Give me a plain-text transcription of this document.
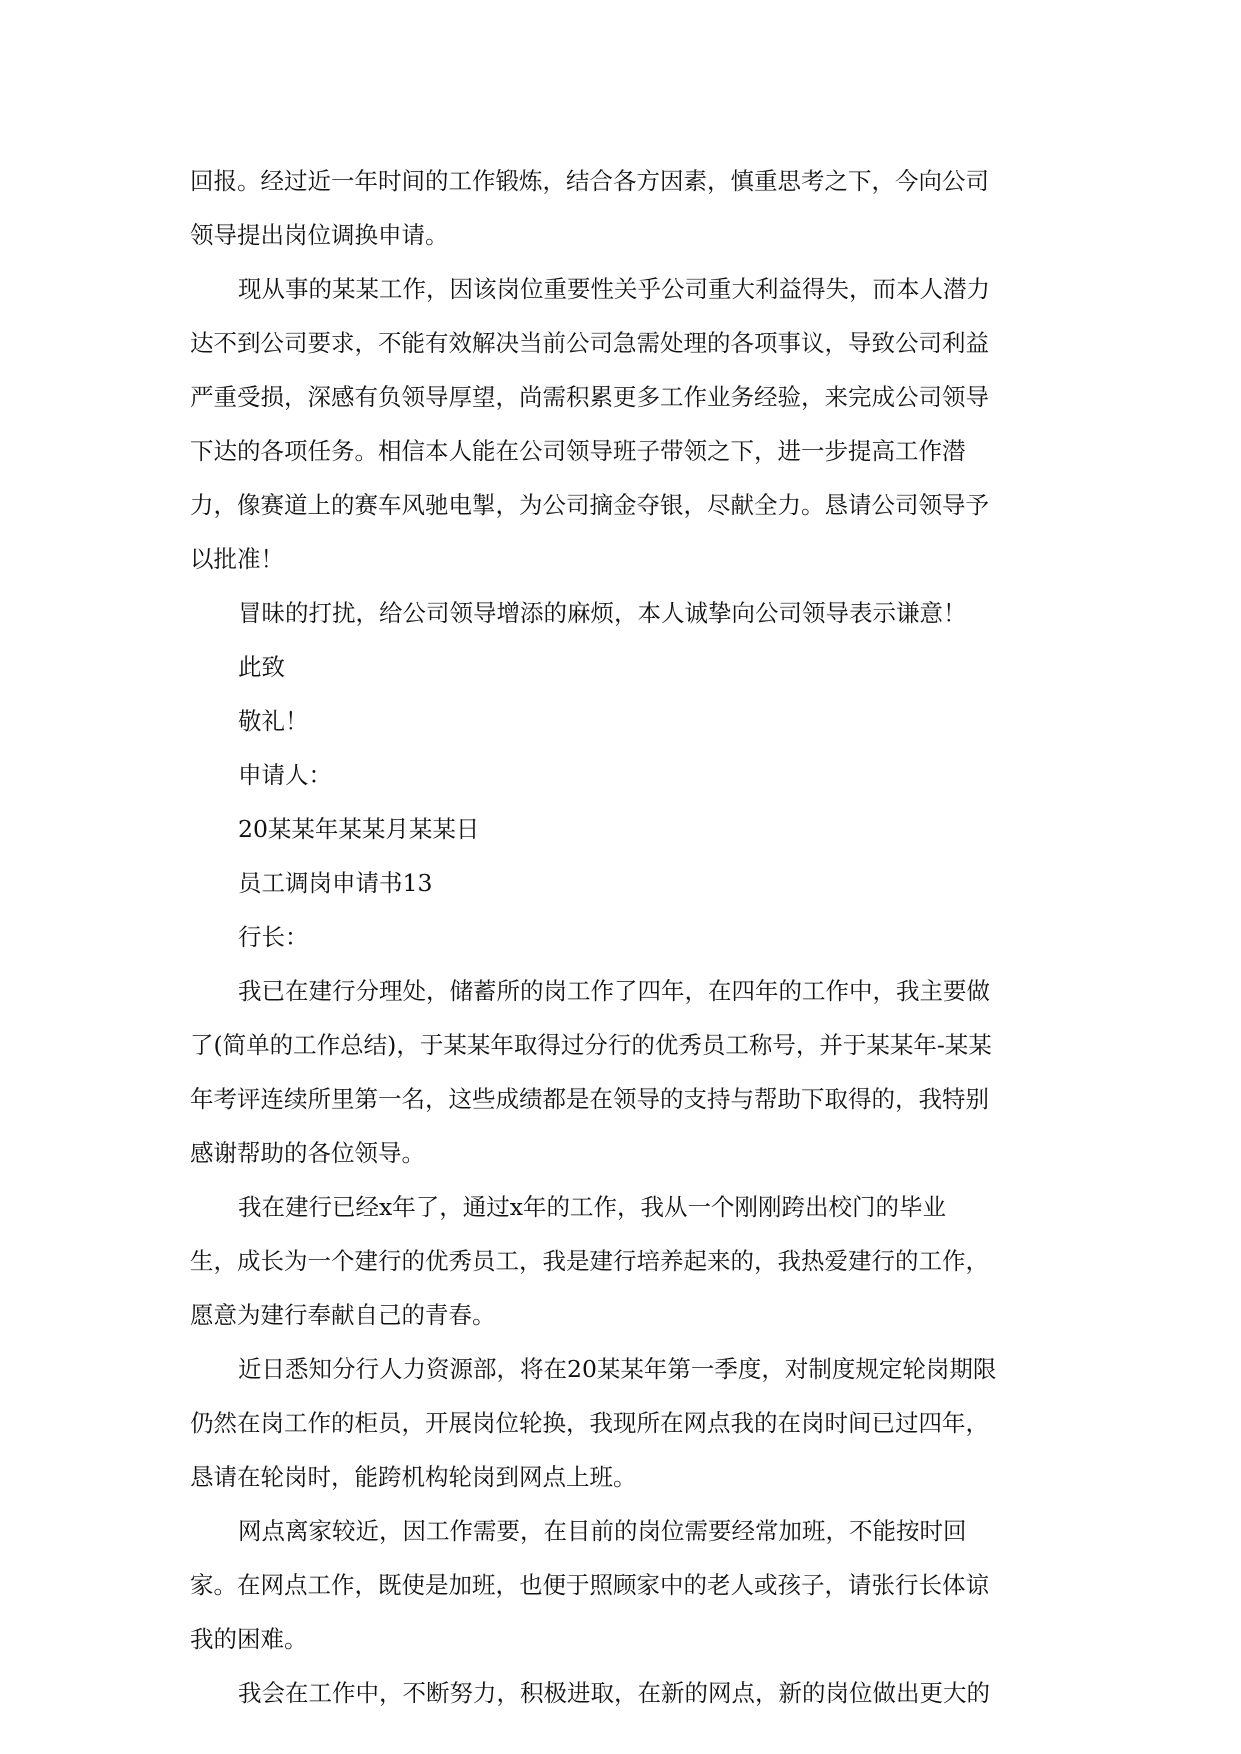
回报。经过近一年时间的工作锻炼，结合各方因素，慎重思考之下，今向公司
领导提出岗位调换申请。
现从事的某某工作，因该岗位重要性关乎公司重大利益得失，而本人潜力
达不到公司要求，不能有效解决当前公司急需处理的各项事议，导致公司利益
严重受损，深感有负领导厚望，尚需积累更多工作业务经验，来完成公司领导
下达的各项任务。相信本人能在公司领导班子带领之下，进一步提高工作潜
力，像赛道上的赛车风驰电掣，为公司摘金夺银，尽献全力。恳请公司领导予
以批准！
冒昧的打扰，给公司领导增添的麻烦，本人诚挚向公司领导表示谦意！
此致
敬礼！
申请人：
20某某年某某月某某日
员工调岗申请书13
行长：
我已在建行分理处，储蓄所的岗工作了四年，在四年的工作中，我主要做
了(简单的工作总结)，于某某年取得过分行的优秀员工称号，并于某某年-某某
年考评连续所里第一名，这些成绩都是在领导的支持与帮助下取得的，我特别
感谢帮助的各位领导。
我在建行已经x年了，通过x年的工作，我从一个刚刚跨出校门的毕业
生，成长为一个建行的优秀员工，我是建行培养起来的，我热爱建行的工作，
愿意为建行奉献自己的青春。
近日悉知分行人力资源部，将在20某某年第一季度，对制度规定轮岗期限
仍然在岗工作的柜员，开展岗位轮换，我现所在网点我的在岗时间已过四年，
恳请在轮岗时，能跨机构轮岗到网点上班。
网点离家较近，因工作需要，在目前的岗位需要经常加班，不能按时回
家。在网点工作，既使是加班，也便于照顾家中的老人或孩子，请张行长体谅
我的困难。
我会在工作中，不断努力，积极进取，在新的网点，新的岗位做出更大的
